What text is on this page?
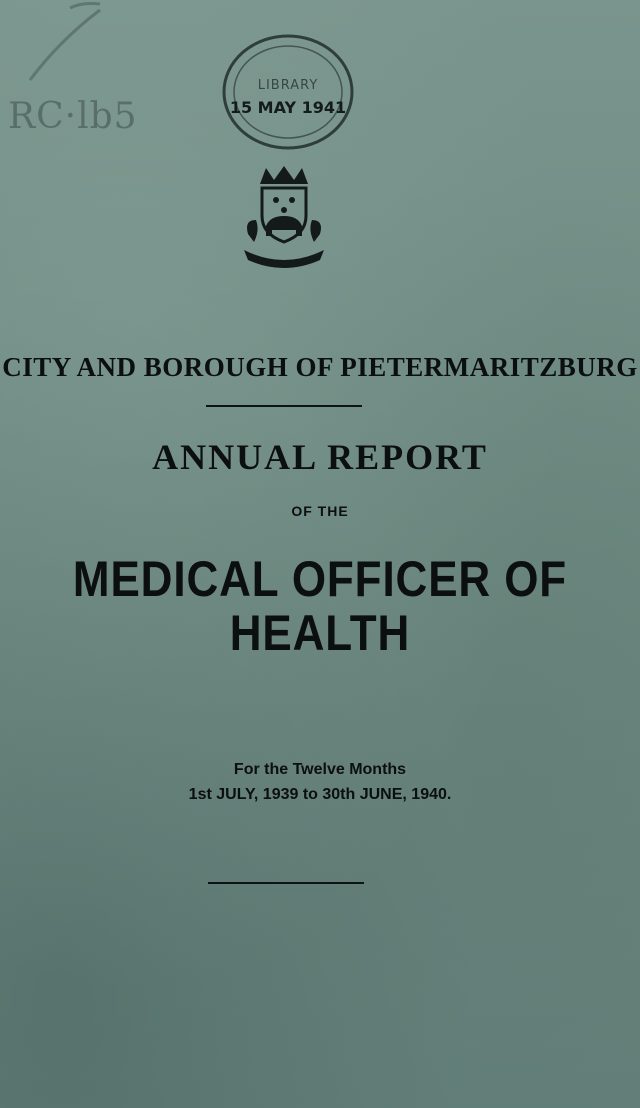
RC·lb5
LIBRARY
15 MAY 1941
CITY AND BOROUGH OF PIETERMARITZBURG
ANNUAL REPORT
OF THE
MEDICAL OFFICER OF
HEALTH
For the Twelve Months
1st JULY, 1939 to 30th JUNE, 1940.
